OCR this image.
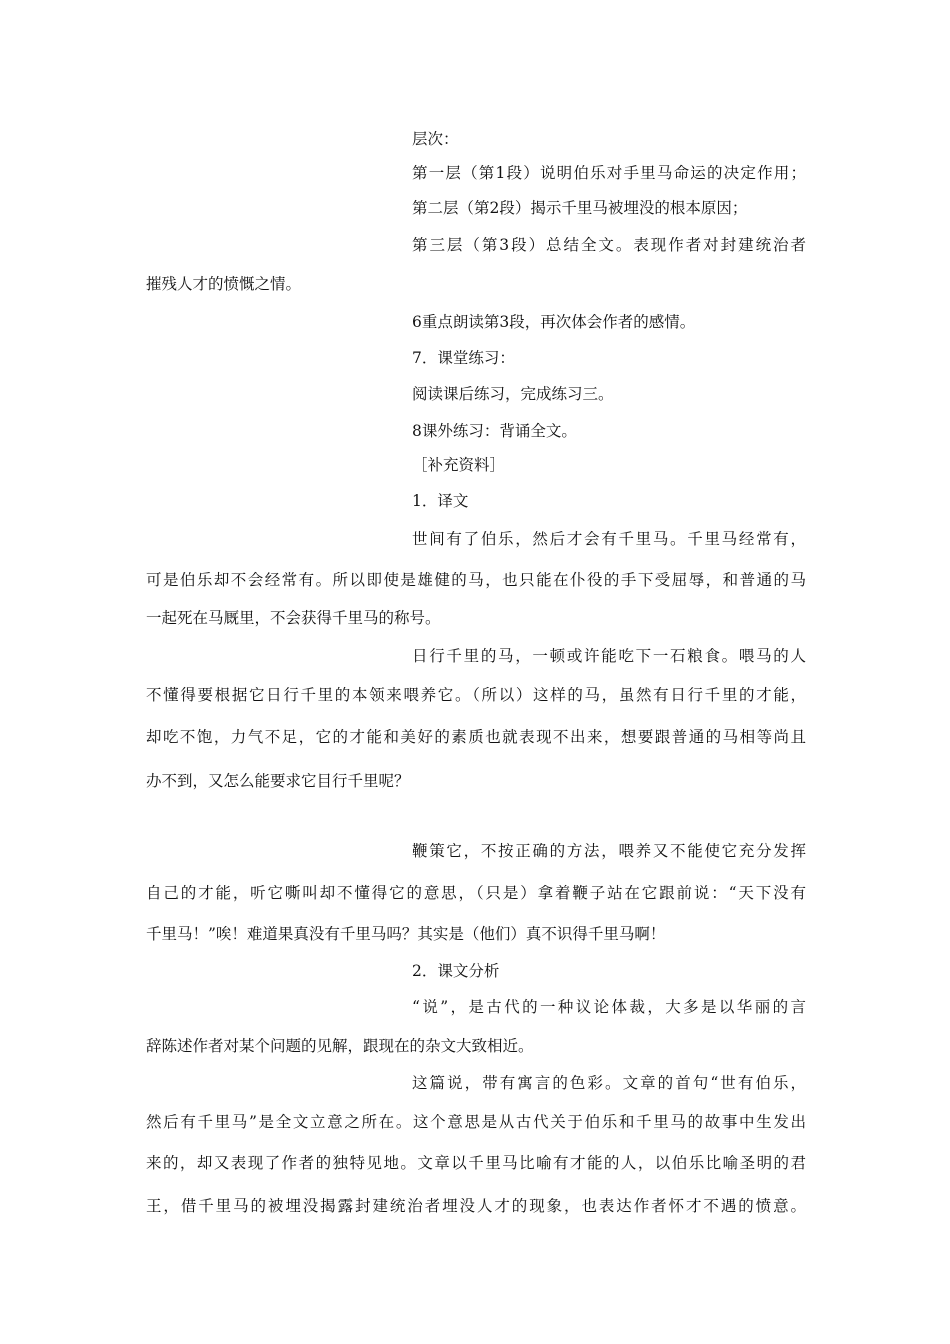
层次：
第一层（第1段）说明伯乐对手里马命运的决定作用；
第二层（第2段）揭示千里马被埋没的根本原因；
第三层（第3段）总结全文。表现作者对封建统治者
摧残人才的愤慨之情。
6重点朗读第3段，再次体会作者的感情。
7．课堂练习：
阅读课后练习，完成练习三。
8课外练习：背诵全文。
［补充资料］
1．译文
世间有了伯乐，然后才会有千里马。千里马经常有，
可是伯乐却不会经常有。所以即使是雄健的马，也只能在仆役的手下受屈辱，和普通的马
一起死在马厩里，不会获得千里马的称号。
日行千里的马，一顿或许能吃下一石粮食。喂马的人
不懂得要根据它日行千里的本领来喂养它。（所以）这样的马，虽然有日行千里的才能，
却吃不饱，力气不足，它的才能和美好的素质也就表现不出来，想要跟普通的马相等尚且
办不到，又怎么能要求它目行千里呢？
鞭策它，不按正确的方法，喂养又不能使它充分发挥
自己的才能，听它嘶叫却不懂得它的意思，（只是）拿着鞭子站在它跟前说：“天下没有
千里马！”唉！难道果真没有千里马吗？其实是（他们）真不识得千里马啊！
2．课文分析
“说”，是古代的一种议论体裁，大多是以华丽的言
辞陈述作者对某个问题的见解，跟现在的杂文大致相近。
这篇说，带有寓言的色彩。文章的首句“世有伯乐，
然后有千里马”是全文立意之所在。这个意思是从古代关于伯乐和千里马的故事中生发出
来的，却又表现了作者的独特见地。文章以千里马比喻有才能的人，以伯乐比喻圣明的君
王，借千里马的被埋没揭露封建统治者埋没人才的现象，也表达作者怀才不遇的愤意。
